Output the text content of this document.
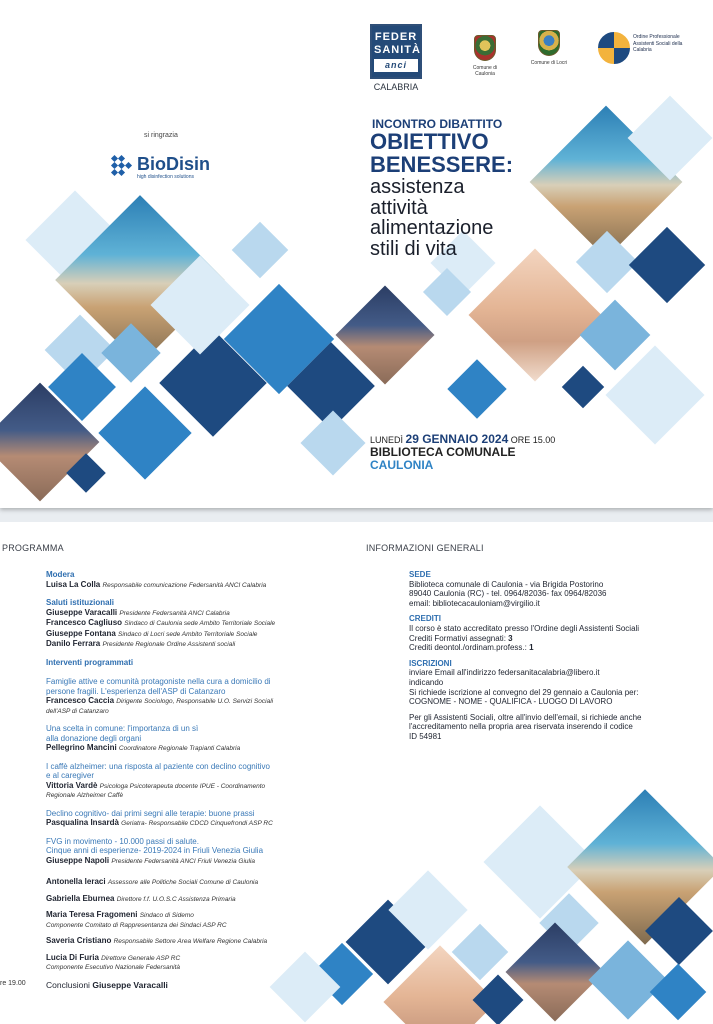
FEDER
SANITÀ
anci
CALABRIA
Comune di Caulonia
Comune di Locri
Ordine Professionale Assistenti Sociali della Calabria
si ringrazia
BioDisin
high disinfection solutions
INCONTRO DIBATTITO
OBIETTIVO
BENESSERE:
assistenza
attività
alimentazione
stili di vita
LUNEDÌ 29 GENNAIO 2024 ORE 15.00
BIBLIOTECA COMUNALE
CAULONIA
PROGRAMMA	INFORMAZIONI GENERALI
Modera
Luisa La Colla Responsabile comunicazione Federsanità ANCI Calabria
Saluti istituzionali
Giuseppe Varacalli Presidente Federsanità ANCI Calabria
Francesco Cagliuso Sindaco di Caulonia sede Ambito Territoriale Sociale
Giuseppe Fontana Sindaco di Locri sede Ambito Territoriale Sociale
Danilo Ferrara Presidente Regionale Ordine Assistenti sociali
Interventi programmati
Famiglie attive e comunità protagoniste nella cura a domicilio di
persone fragili. L'esperienza dell'ASP di Catanzaro
Francesco Caccia Dirigente Sociologo, Responsabile U.O. Servizi Sociali
dell'ASP di Catanzaro
Una scelta in comune: l'importanza di un sì
alla donazione degli organi
Pellegrino Mancini Coordinatore Regionale Trapianti Calabria
I caffè alzheimer: una risposta al paziente con declino cognitivo
e al caregiver
Vittoria Vardè Psicologa Psicoterapeuta docente IPUE - Coordinamento
Regionale Alzheimer Caffè
Declino cognitivo- dai primi segni alle terapie: buone prassi
Pasqualina Insardà Geriatra- Responsabile CDCD Cinquefrondi ASP RC
FVG in movimento - 10.000 passi di salute.
Cinque anni di esperienze- 2019-2024 in Friuli Venezia Giulia
Giuseppe Napoli Presidente Federsanità ANCI Friuli Venezia Giulia
Antonella Ieraci Assessore alle Politiche Sociali Comune di Caulonia
Gabriella Eburnea Direttore f.f. U.O.S.C Assistenza Primaria
Maria Teresa Fragomeni Sindaco di Sidemo
Componente Comitato di Rappresentanza dei Sindaci ASP RC
Saveria Cristiano Responsabile Settore Area Welfare Regione Calabria
Lucia Di Furia Direttore Generale ASP RC
Componente Esecutivo Nazionale Federsanità
re 19.00 Conclusioni Giuseppe Varacalli
SEDE
Biblioteca comunale di Caulonia - via Brigida Postorino
89040 Caulonia (RC) - tel. 0964/82036- fax 0964/82036
email: bibliotecacauloniam@virgilio.it
CREDITI
Il corso è stato accreditato presso l'Ordine degli Assistenti Sociali
Crediti Formativi assegnati: 3
Crediti deontol./ordinam.profess.: 1
ISCRIZIONI
inviare Email all'indirizzo federsanitacalabria@libero.it
indicando
Si richiede iscrizione al convegno del 29 gennaio a Caulonia per:
COGNOME - NOME - QUALIFICA - LUOGO DI LAVORO
Per gli Assistenti Sociali, oltre all'invio dell'email, si richiede anche
l'accreditamento nella propria area riservata inserendo il codice
ID 54981
